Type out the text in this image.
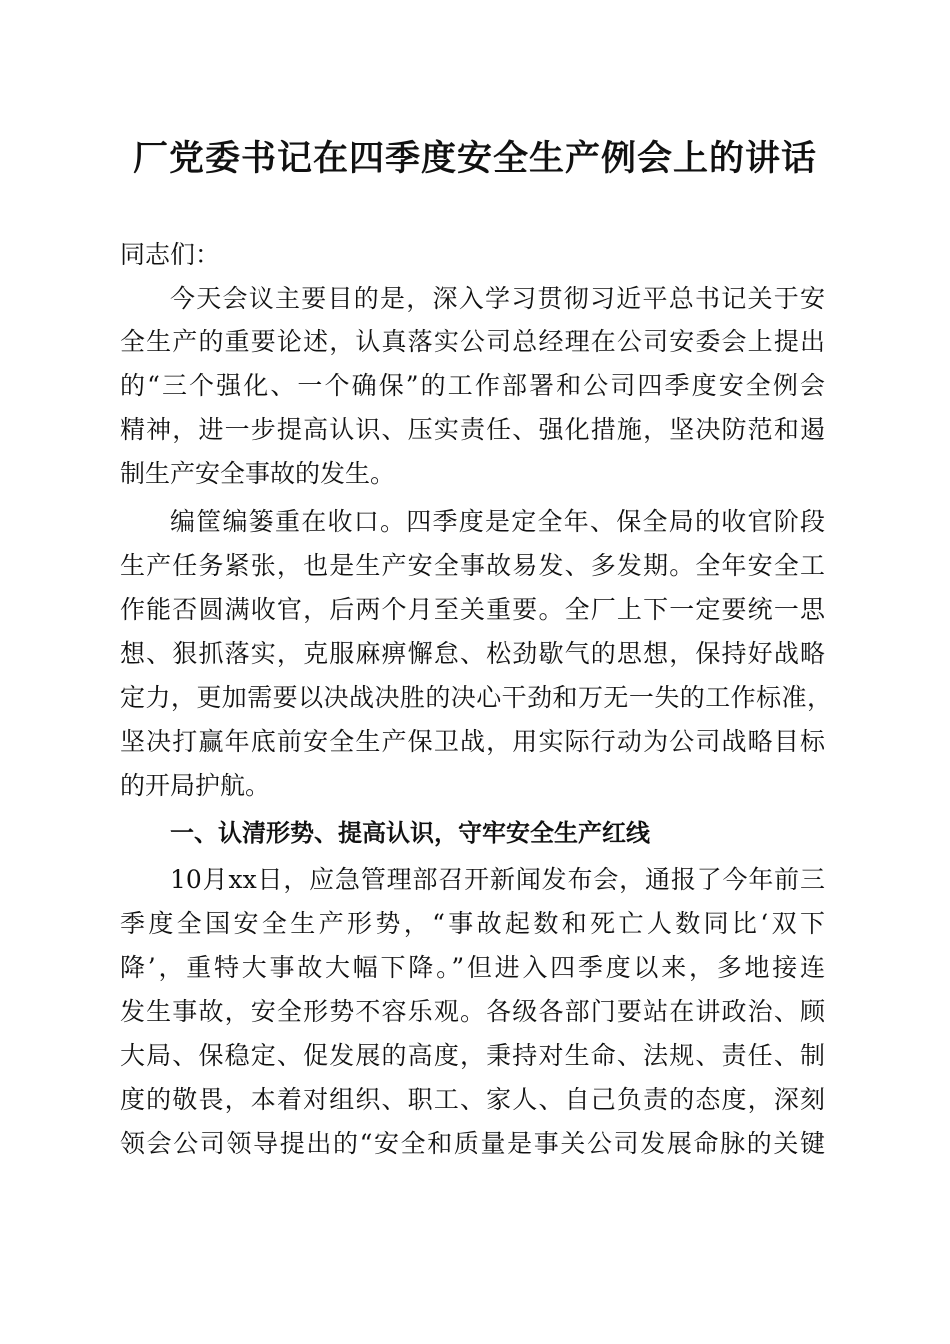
厂党委书记在四季度安全生产例会上的讲话
同志们：
今天会议主要目的是，深入学习贯彻习近平总书记关于安
全生产的重要论述，认真落实公司总经理在公司安委会上提出
的“三个强化、一个确保”的工作部署和公司四季度安全例会
精神，进一步提高认识、压实责任、强化措施，坚决防范和遏
制生产安全事故的发生。
编筐编篓重在收口。四季度是定全年、保全局的收官阶段
生产任务紧张，也是生产安全事故易发、多发期。全年安全工
作能否圆满收官，后两个月至关重要。全厂上下一定要统一思
想、狠抓落实，克服麻痹懈怠、松劲歇气的思想，保持好战略
定力，更加需要以决战决胜的决心干劲和万无一失的工作标准，
坚决打赢年底前安全生产保卫战，用实际行动为公司战略目标
的开局护航。
一、认清形势、提高认识，守牢安全生产红线
10月xx日，应急管理部召开新闻发布会，通报了今年前三
季度全国安全生产形势，“事故起数和死亡人数同比‘双下
降’，重特大事故大幅下降。”但进入四季度以来，多地接连
发生事故，安全形势不容乐观。各级各部门要站在讲政治、顾
大局、保稳定、促发展的高度，秉持对生命、法规、责任、制
度的敬畏，本着对组织、职工、家人、自己负责的态度，深刻
领会公司领导提出的“安全和质量是事关公司发展命脉的关键
